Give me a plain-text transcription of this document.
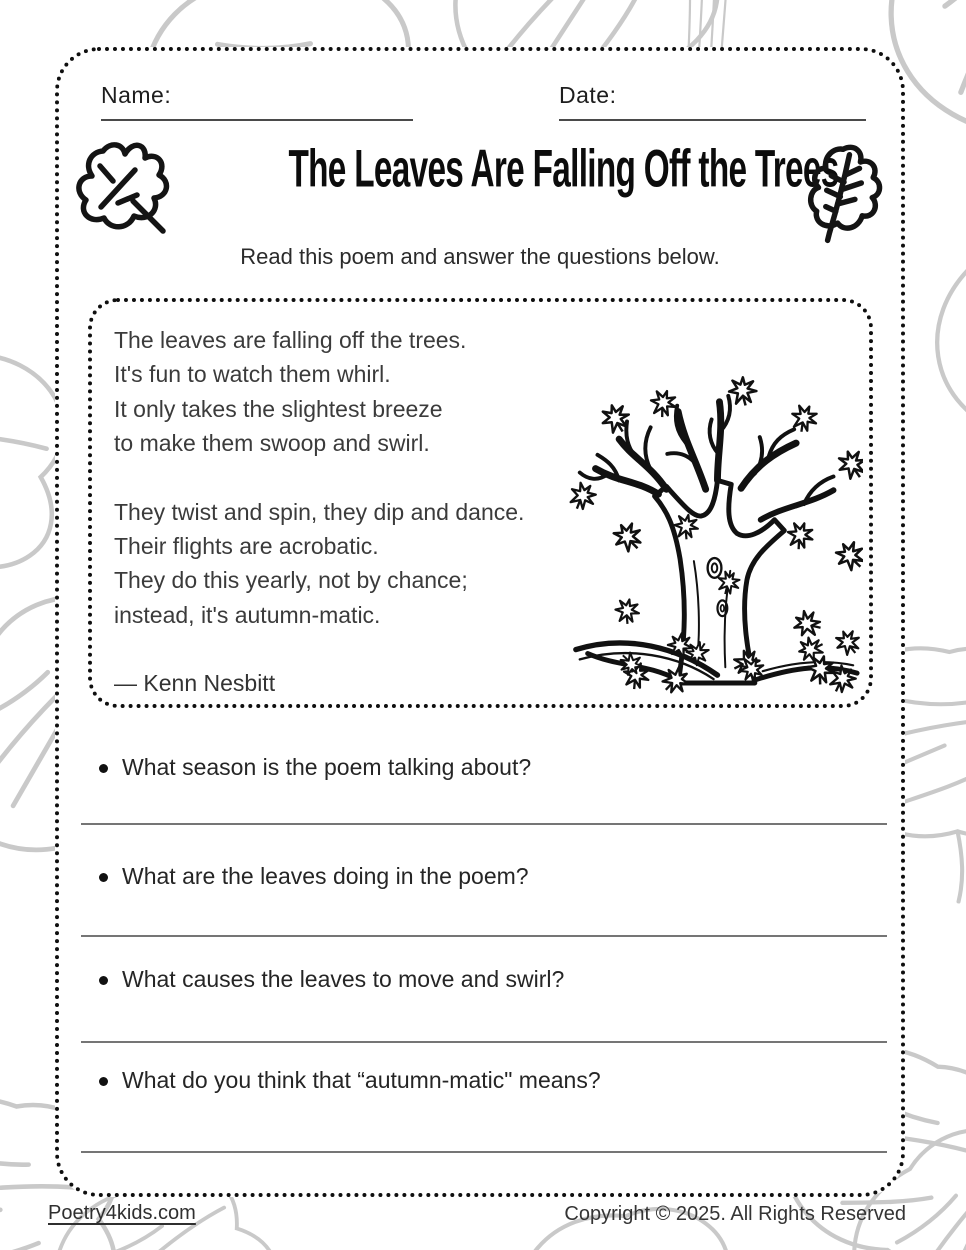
Name:	Date:
The Leaves Are Falling Off the Trees
Read this poem and answer the questions below.
The leaves are falling off the trees.
It's fun to watch them whirl.
It only takes the slightest breeze
to make them swoop and swirl.
They twist and spin, they dip and dance.
Their flights are acrobatic.
They do this yearly, not by chance;
instead, it's autumn-matic.
— Kenn Nesbitt
What season is the poem talking about?
What are the leaves doing in the poem?
What causes the leaves to move and swirl?
What do you think that “autumn-matic" means?
Poetry4kids.com	Copyright © 2025. All Rights Reserved
